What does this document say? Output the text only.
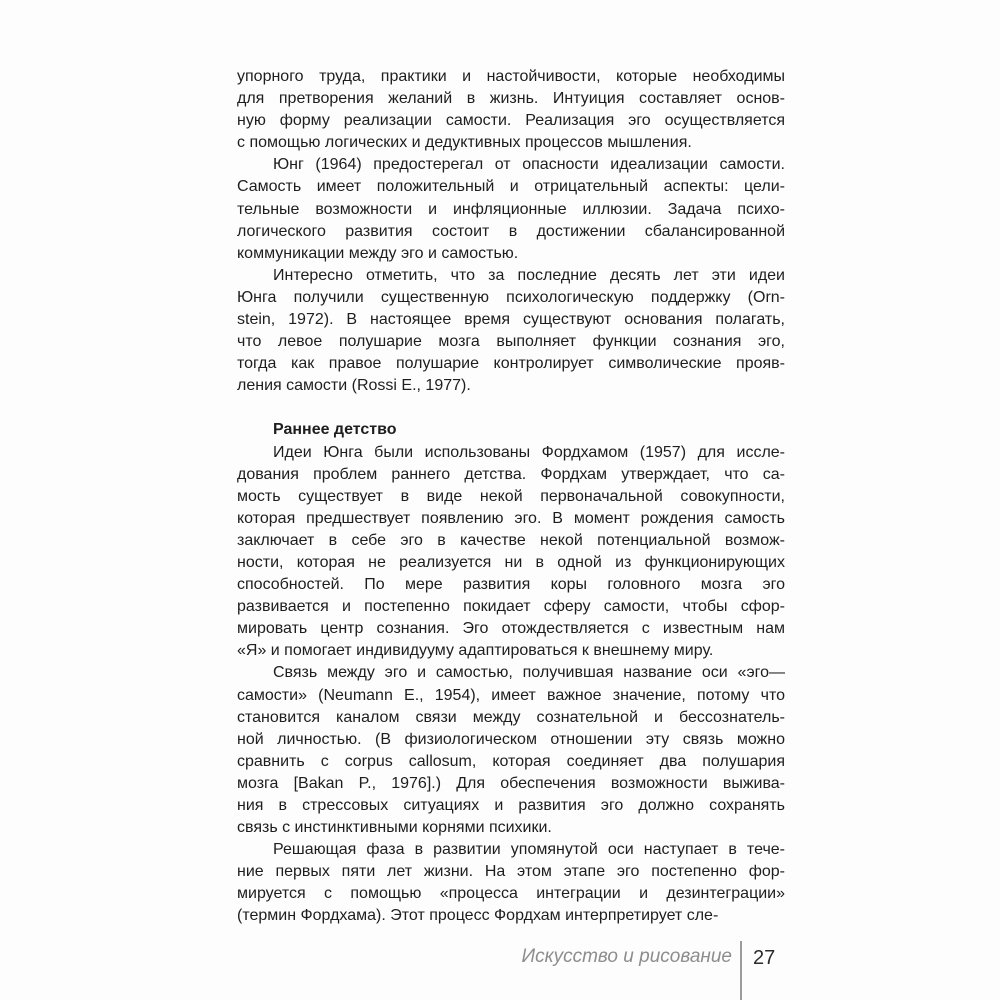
упорного труда, практики и настойчивости, которые необходимы
для претворения желаний в жизнь. Интуиция составляет основ-
ную форму реализации самости. Реализация эго осуществляется
с помощью логических и дедуктивных процессов мышления.
Юнг (1964) предостерегал от опасности идеализации самости.
Самость имеет положительный и отрицательный аспекты: цели-
тельные возможности и инфляционные иллюзии. Задача психо-
логического развития состоит в достижении сбалансированной
коммуникации между эго и самостью.
Интересно отметить, что за последние десять лет эти идеи
Юнга получили существенную психологическую поддержку (Orn-
stein, 1972). В настоящее время существуют основания полагать,
что левое полушарие мозга выполняет функции сознания эго,
тогда как правое полушарие контролирует символические прояв-
ления самости (Rossi E., 1977).
Раннее детство
Идеи Юнга были использованы Фордхамом (1957) для иссле-
дования проблем раннего детства. Фордхам утверждает, что са-
мость существует в виде некой первоначальной совокупности,
которая предшествует появлению эго. В момент рождения самость
заключает в себе эго в качестве некой потенциальной возмож-
ности, которая не реализуется ни в одной из функционирующих
способностей. По мере развития коры головного мозга эго
развивается и постепенно покидает сферу самости, чтобы сфор-
мировать центр сознания. Эго отождествляется с известным нам
«Я» и помогает индивидууму адаптироваться к внешнему миру.
Связь между эго и самостью, получившая название оси «эго—
самости» (Neumann E., 1954), имеет важное значение, потому что
становится каналом связи между сознательной и бессознатель-
ной личностью. (В физиологическом отношении эту связь можно
сравнить с corpus callosum, которая соединяет два полушария
мозга [Bakan P., 1976].) Для обеспечения возможности выжива-
ния в стрессовых ситуациях и развития эго должно сохранять
связь с инстинктивными корнями психики.
Решающая фаза в развитии упомянутой оси наступает в тече-
ние первых пяти лет жизни. На этом этапе эго постепенно фор-
мируется с помощью «процесса интеграции и дезинтеграции»
(термин Фордхама). Этот процесс Фордхам интерпретирует сле-
Искусство и рисование 27
